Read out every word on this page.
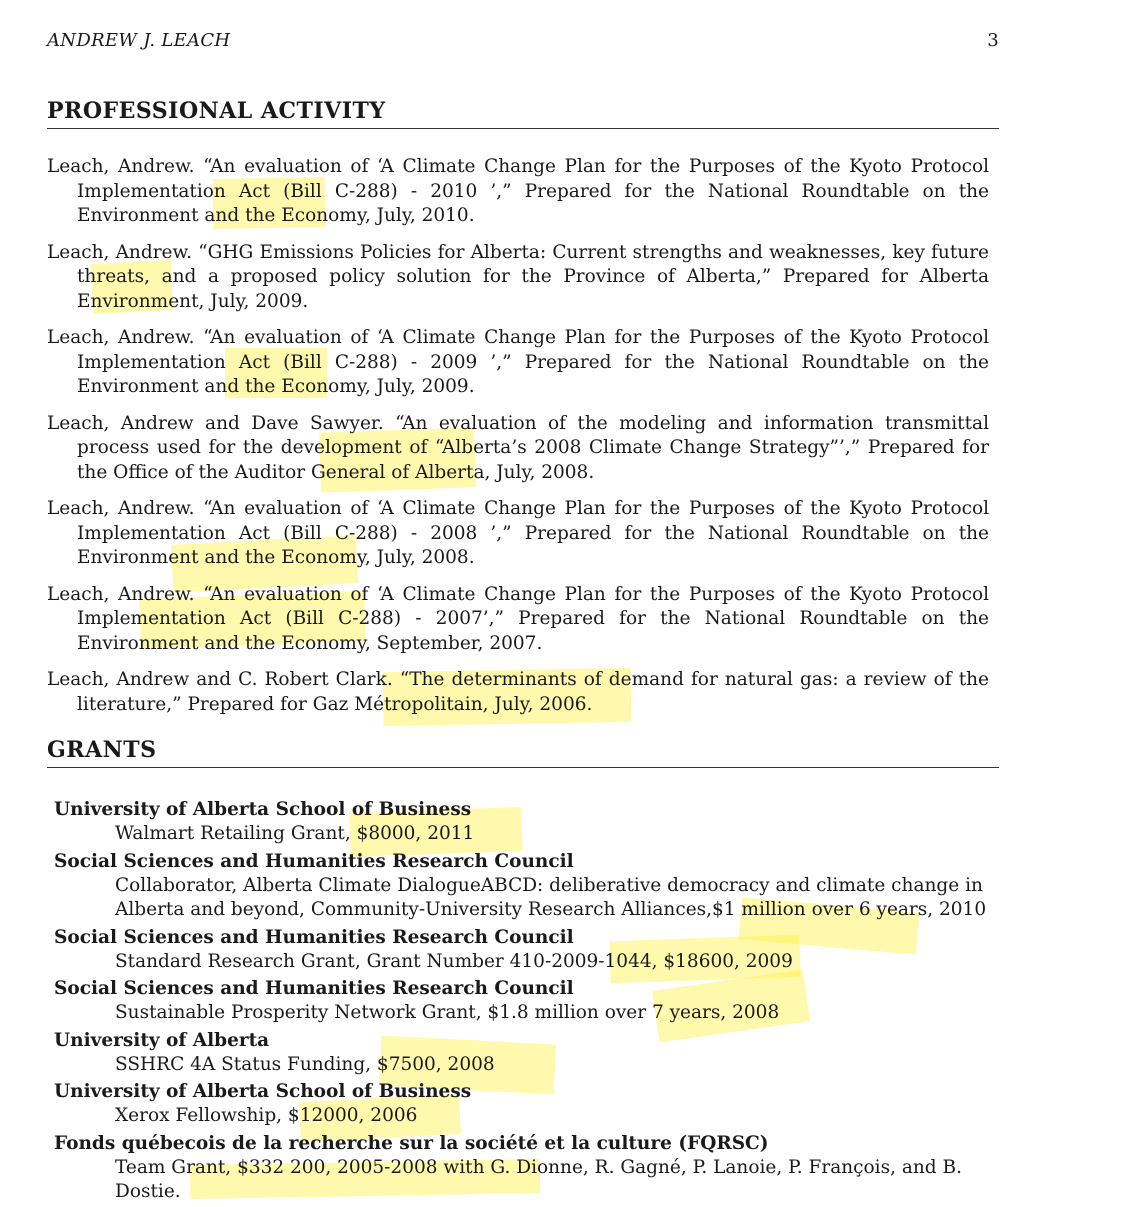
ANDREW J. LEACH	3
PROFESSIONAL ACTIVITY
Leach, Andrew. “An evaluation of ‘A Climate Change Plan for the Purposes of the Kyoto Protocol Implementation Act (Bill C-288) - 2010 ’,” Prepared for the National Roundtable on the Environment and the Economy, July, 2010.
Leach, Andrew. “GHG Emissions Policies for Alberta: Current strengths and weaknesses, key future threats, and a proposed policy solution for the Province of Alberta,” Prepared for Alberta Environment, July, 2009.
Leach, Andrew. “An evaluation of ‘A Climate Change Plan for the Purposes of the Kyoto Protocol Implementation Act (Bill C-288) - 2009 ’,” Prepared for the National Roundtable on the Environment and the Economy, July, 2009.
Leach, Andrew and Dave Sawyer. “An evaluation of the modeling and information transmittal process used for the development of “Alberta’s 2008 Climate Change Strategy”’,” Prepared for the Office of the Auditor General of Alberta, July, 2008.
Leach, Andrew. “An evaluation of ‘A Climate Change Plan for the Purposes of the Kyoto Protocol Implementation Act (Bill C-288) - 2008 ’,” Prepared for the National Roundtable on the Environment and the Economy, July, 2008.
Leach, Andrew. “An evaluation of ‘A Climate Change Plan for the Purposes of the Kyoto Protocol Implementation Act (Bill C-288) - 2007’,” Prepared for the National Roundtable on the Environment and the Economy, September, 2007.
Leach, Andrew and C. Robert Clark. “The determinants of demand for natural gas: a review of the literature,” Prepared for Gaz Métropolitain, July, 2006.
GRANTS
University of Alberta School of Business
Walmart Retailing Grant, $8000, 2011
Social Sciences and Humanities Research Council
Collaborator, Alberta Climate DialogueABCD: deliberative democracy and climate change in Alberta and beyond, Community-University Research Alliances,$1 million over 6 years, 2010
Social Sciences and Humanities Research Council
Standard Research Grant, Grant Number 410-2009-1044, $18600, 2009
Social Sciences and Humanities Research Council
Sustainable Prosperity Network Grant, $1.8 million over 7 years, 2008
University of Alberta
SSHRC 4A Status Funding, $7500, 2008
University of Alberta School of Business
Xerox Fellowship, $12000, 2006
Fonds québecois de la recherche sur la société et la culture (FQRSC)
Team Grant, $332 200, 2005-2008 with G. Dionne, R. Gagné, P. Lanoie, P. François, and B. Dostie.
